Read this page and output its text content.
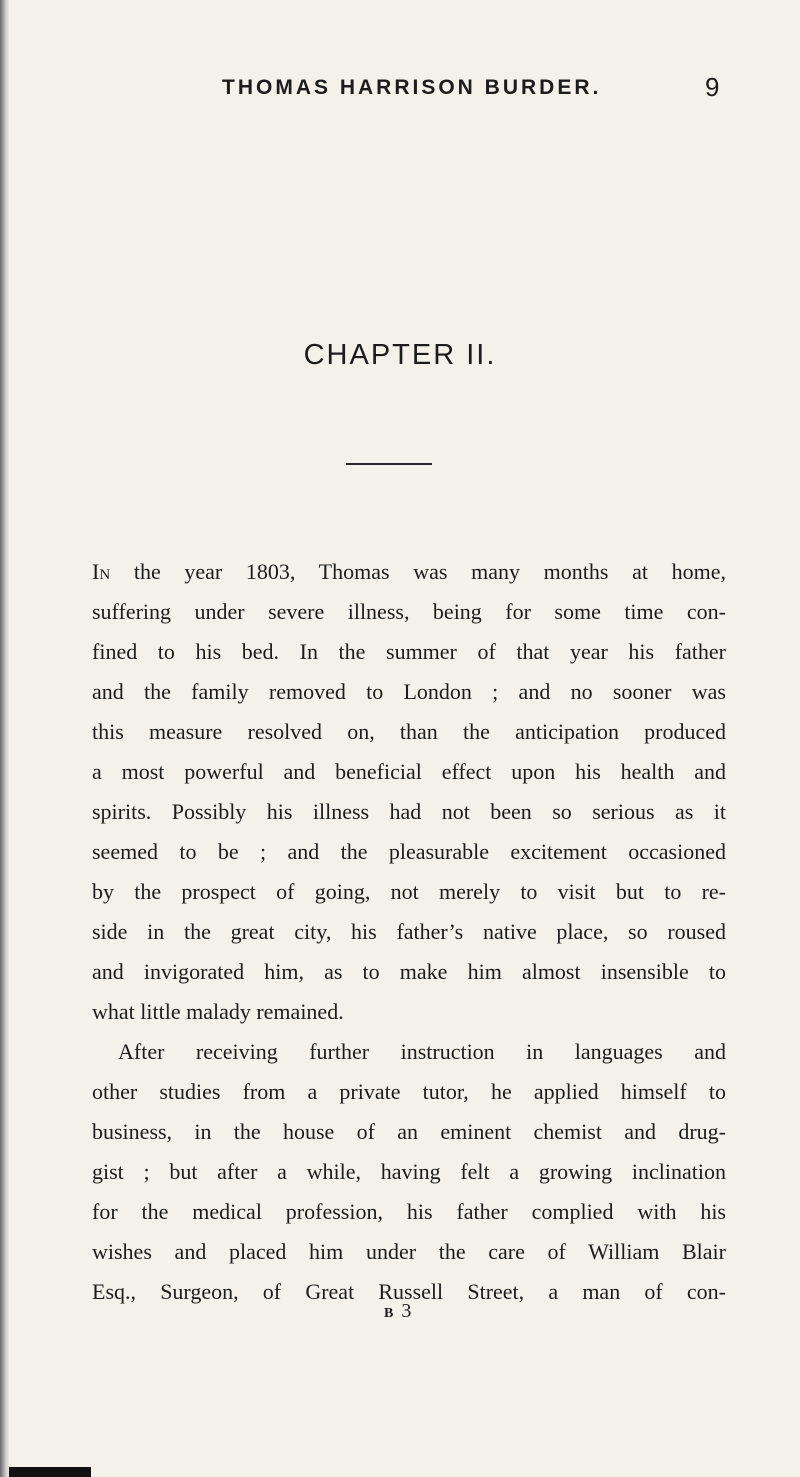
THOMAS HARRISON BURDER.	9
CHAPTER II.
In the year 1803, Thomas was many months at home,
suffering under severe illness, being for some time con-
fined to his bed. In the summer of that year his father
and the family removed to London ; and no sooner was
this measure resolved on, than the anticipation produced
a most powerful and beneficial effect upon his health and
spirits. Possibly his illness had not been so serious as it
seemed to be ; and the pleasurable excitement occasioned
by the prospect of going, not merely to visit but to re-
side in the great city, his father’s native place, so roused
and invigorated him, as to make him almost insensible to
what little malady remained.
After receiving further instruction in languages and
other studies from a private tutor, he applied himself to
business, in the house of an eminent chemist and drug-
gist ; but after a while, having felt a growing inclination
for the medical profession, his father complied with his
wishes and placed him under the care of William Blair
Esq., Surgeon, of Great Russell Street, a man of con-
B 3
